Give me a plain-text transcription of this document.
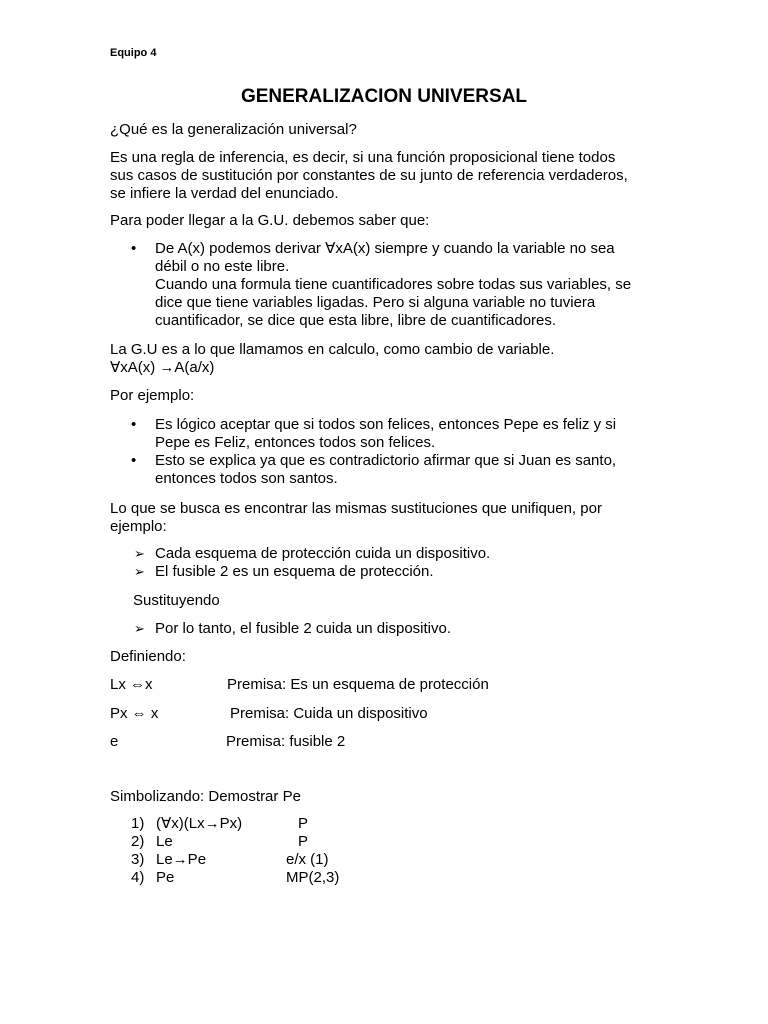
Equipo 4
GENERALIZACION UNIVERSAL

¿Qué es la generalización universal?

Es una regla de inferencia, es decir, si una función proposicional tiene todos

sus casos de sustitución por constantes de su junto de referencia verdaderos,

se infiere la verdad del enunciado.

Para poder llegar a la G.U. debemos saber que:

• De A(x) podemos derivar ∀xA(x) siempre y cuando la variable no sea

débil o no este libre.

Cuando una formula tiene cuantificadores sobre todas sus variables, se

dice que tiene variables ligadas. Pero si alguna variable no tuviera

cuantificador, se dice que esta libre, libre de cuantificadores.

La G.U es a lo que llamamos en calculo, como cambio de variable.

∀xA(x) →A(a/x)

Por ejemplo:

• Es lógico aceptar que si todos son felices, entonces Pepe es feliz y si

Pepe es Feliz, entonces todos son felices.

• Esto se explica ya que es contradictorio afirmar que si Juan es santo,

entonces todos son santos.

Lo que se busca es encontrar las mismas sustituciones que unifiquen, por

ejemplo:

➢ Cada esquema de protección cuida un dispositivo.
➢ El fusible 2 es un esquema de protección.

Sustituyendo

➢ Por lo tanto, el fusible 2 cuida un dispositivo.

Definiendo:

Lx ⇔x	Premisa: Es un esquema de protección
Px ⇔ x	Premisa: Cuida un dispositivo
e	Premisa: fusible 2

Simbolizando: Demostrar Pe

1) (∀x)(Lx→Px)	P
2) Le	P
3) Le→Pe	e/x (1)
4) Pe	MP(2,3)
